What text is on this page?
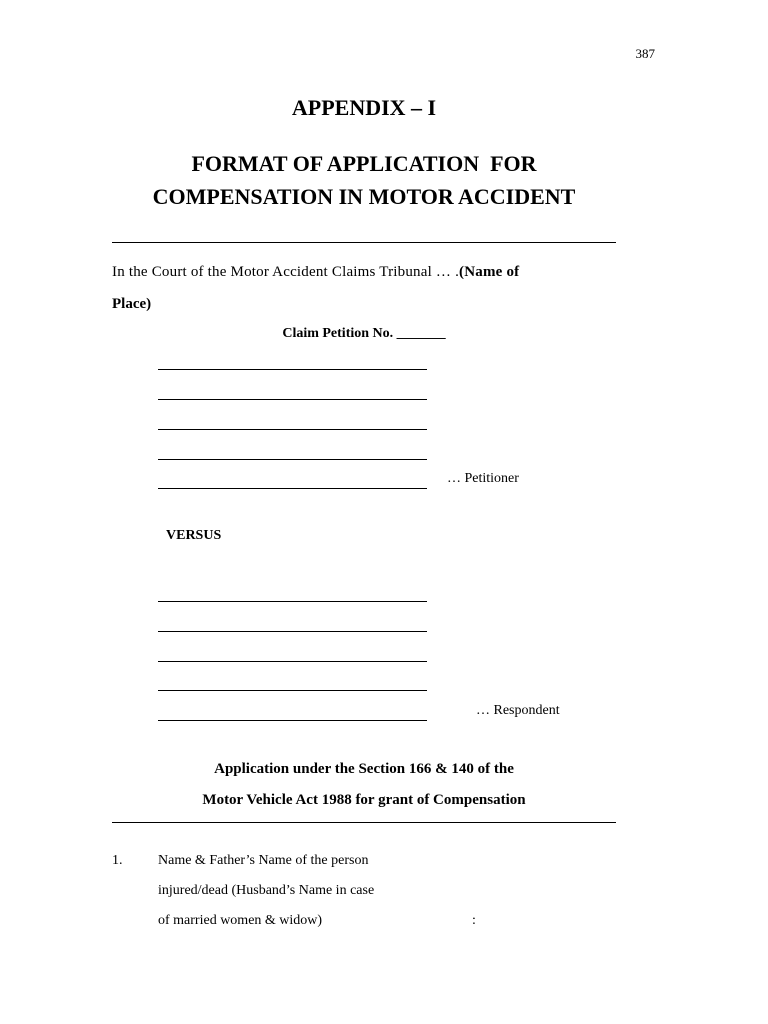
387
APPENDIX – I
FORMAT OF APPLICATION  FOR
COMPENSATION IN MOTOR ACCIDENT
In the Court of the Motor Accident Claims Tribunal … .(Name of
Place)
Claim Petition No. _______
… Petitioner
VERSUS
… Respondent
Application under the Section 166 & 140 of the
Motor Vehicle Act 1988 for grant of Compensation
1.	Name & Father’s Name of the person
injured/dead (Husband’s Name in case
of married women & widow)	:
